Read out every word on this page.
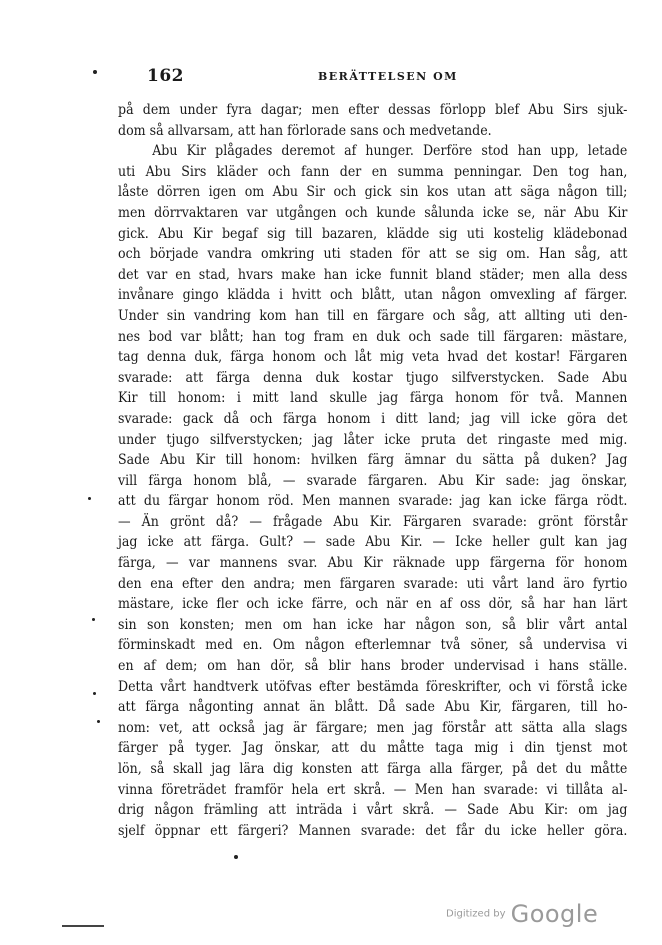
162	BERÄTTELSEN OM
på dem under fyra dagar; men efter dessas förlopp blef Abu Sirs sjuk-
dom så allvarsam, att han förlorade sans och medvetande.
Abu Kir plågades deremot af hunger. Derföre stod han upp, letade
uti Abu Sirs kläder och fann der en summa penningar. Den tog han,
låste dörren igen om Abu Sir och gick sin kos utan att säga någon till;
men dörrvaktaren var utgången och kunde sålunda icke se, när Abu Kir
gick. Abu Kir begaf sig till bazaren, klädde sig uti kostelig klädebonad
och började vandra omkring uti staden för att se sig om. Han såg, att
det var en stad, hvars make han icke funnit bland städer; men alla dess
invånare gingo klädda i hvitt och blått, utan någon omvexling af färger.
Under sin vandring kom han till en färgare och såg, att allting uti den-
nes bod var blått; han tog fram en duk och sade till färgaren: mästare,
tag denna duk, färga honom och låt mig veta hvad det kostar! Färgaren
svarade: att färga denna duk kostar tjugo silfverstycken. Sade Abu
Kir till honom: i mitt land skulle jag färga honom för två. Mannen
svarade: gack då och färga honom i ditt land; jag vill icke göra det
under tjugo silfverstycken; jag låter icke pruta det ringaste med mig.
Sade Abu Kir till honom: hvilken färg ämnar du sätta på duken? Jag
vill färga honom blå, — svarade färgaren. Abu Kir sade: jag önskar,
att du färgar honom röd. Men mannen svarade: jag kan icke färga rödt.
— Än grönt då? — frågade Abu Kir. Färgaren svarade: grönt förstår
jag icke att färga. Gult? — sade Abu Kir. — Icke heller gult kan jag
färga, — var mannens svar. Abu Kir räknade upp färgerna för honom
den ena efter den andra; men färgaren svarade: uti vårt land äro fyrtio
mästare, icke fler och icke färre, och när en af oss dör, så har han lärt
sin son konsten; men om han icke har någon son, så blir vårt antal
förminskadt med en. Om någon efterlemnar två söner, så undervisa vi
en af dem; om han dör, så blir hans broder undervisad i hans ställe.
Detta vårt handtverk utöfvas efter bestämda föreskrifter, och vi förstå icke
att färga någonting annat än blått. Då sade Abu Kir, färgaren, till ho-
nom: vet, att också jag är färgare; men jag förstår att sätta alla slags
färger på tyger. Jag önskar, att du måtte taga mig i din tjenst mot
lön, så skall jag lära dig konsten att färga alla färger, på det du måtte
vinna företrädet framför hela ert skrå. — Men han svarade: vi tillåta al-
drig någon främling att inträda i vårt skrå. — Sade Abu Kir: om jag
sjelf öppnar ett färgeri? Mannen svarade: det får du icke heller göra.
Digitized by Google
